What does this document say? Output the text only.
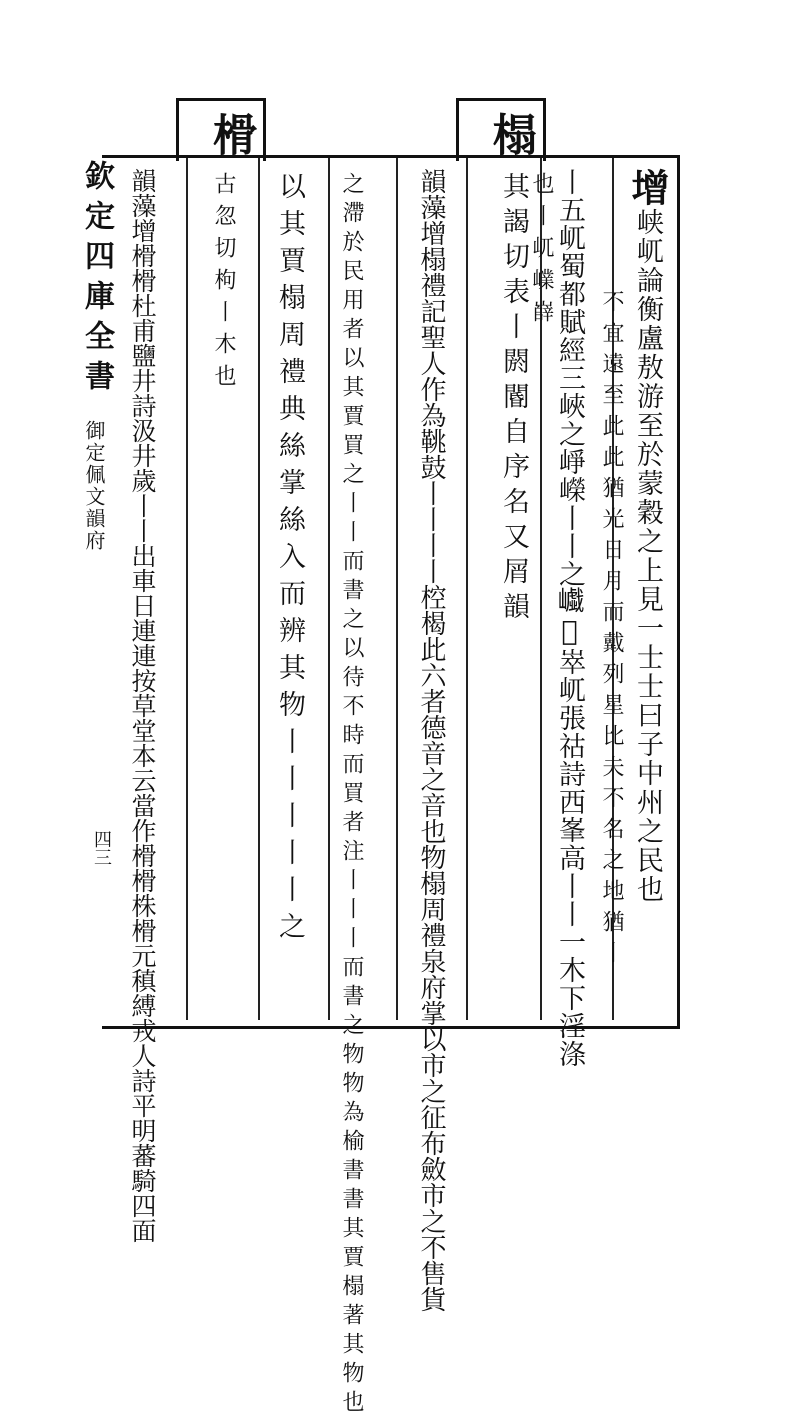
榻
榾
欽定四庫全書
御定佩文韻府
四三
增峡屼論衡盧敖游至於蒙穀之上見一士士曰子中州之民也
不宜遠至此此猶光日月而戴列星比夫不名之地猶丨
丨五屼蜀都賦經三峽之崢嶸丨丨之𡾟𡼭崒屼張祜詩西峯高丨丨一木下淫涤
也丨屼嶫嶭
其謁切表丨閼閽自序名又屑韻
韻藻增榻禮記聖人作為鞉鼓丨丨丨丨椌楬此六者德音之音也物榻周禮泉府掌以市之征布斂市之不售貨
之滯於民用者以其賈買之丨丨而書之以待不時而買者注丨丨丨而書之物物為榆書書其賈榻著其物也
以其賈榻周禮典絲掌絲入而辨其物丨丨丨丨丨之
古忽切枸丨木也
韻藻增榾榾杜甫鹽井詩汲井歲丨丨出車日連連按草堂本云當作榾榾株榾元稹縛戎人詩平明蕃騎四面
